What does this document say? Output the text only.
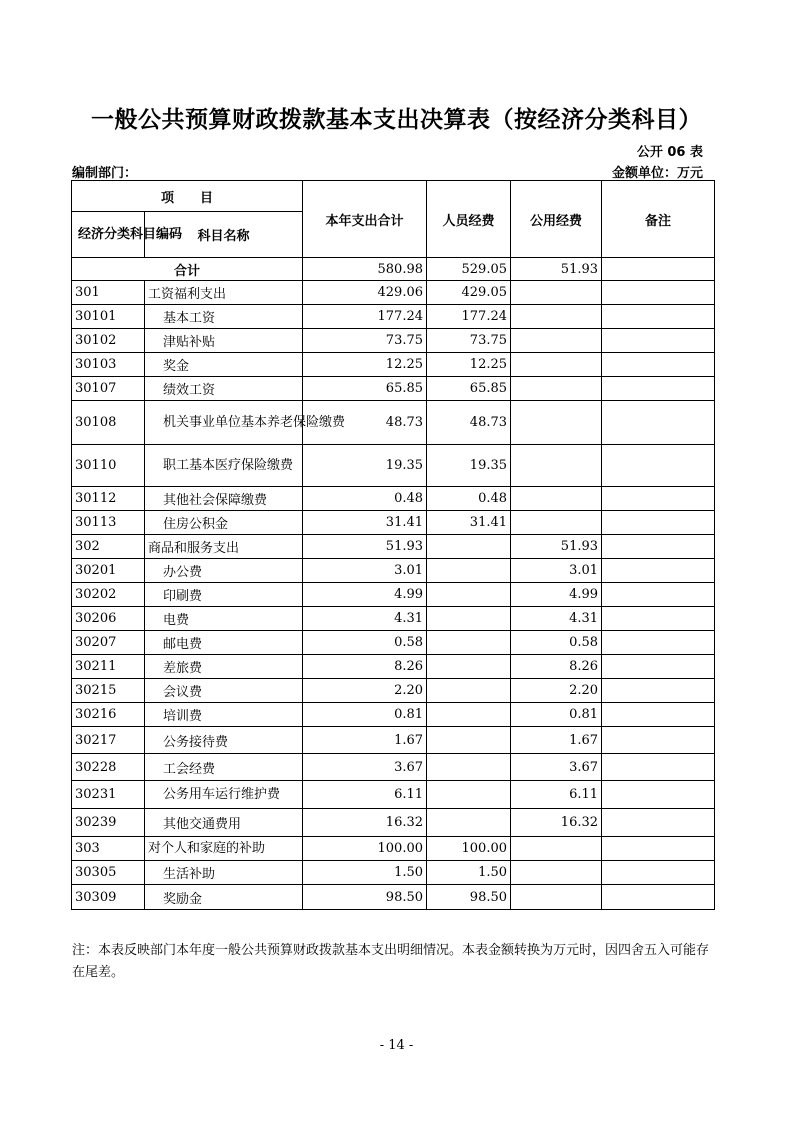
一般公共预算财政拨款基本支出决算表（按经济分类科目）
公开 06 表
编制部门：	金额单位：万元
项　　目		本年支出合计	人员经费	公用经费	备注
经济分类科目编码	科目名称				
合计		580.98	529.05	51.93	
301	工资福利支出	429.06	429.05		
30101	基本工资	177.24	177.24		
30102	津贴补贴	73.75	73.75		
30103	奖金	12.25	12.25		
30107	绩效工资	65.85	65.85		
30108	机关事业单位基本养老保险缴费	48.73	48.73		
30110	职工基本医疗保险缴费	19.35	19.35		
30112	其他社会保障缴费	0.48	0.48		
30113	住房公积金	31.41	31.41		
302	商品和服务支出	51.93		51.93	
30201	办公费	3.01		3.01	
30202	印刷费	4.99		4.99	
30206	电费	4.31		4.31	
30207	邮电费	0.58		0.58	
30211	差旅费	8.26		8.26	
30215	会议费	2.20		2.20	
30216	培训费	0.81		0.81	
30217	公务接待费	1.67		1.67	
30228	工会经费	3.67		3.67	
30231	公务用车运行维护费	6.11		6.11	
30239	其他交通费用	16.32		16.32	
303	对个人和家庭的补助	100.00	100.00		
30305	生活补助	1.50	1.50		
30309	奖励金	98.50	98.50		
注：本表反映部门本年度一般公共预算财政拨款基本支出明细情况。本表金额转换为万元时，因四舍五入可能存在尾差。
- 14 -
